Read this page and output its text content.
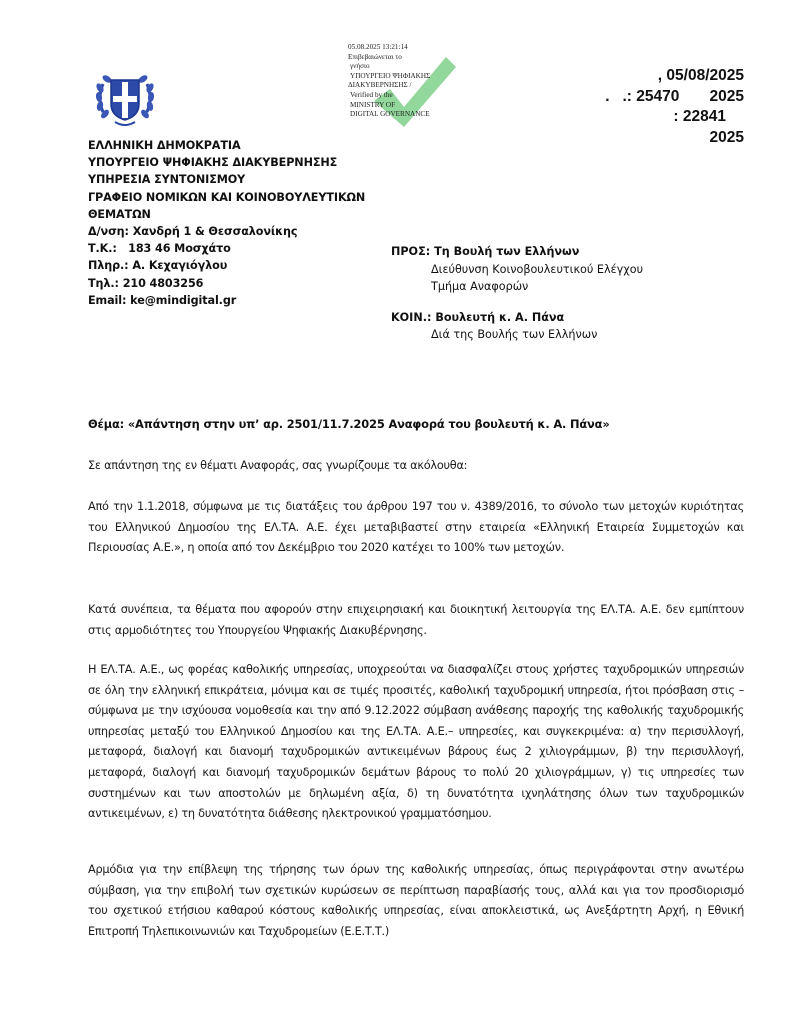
05.08.2025 13:21:14
Επιβεβαιώνεται το
γνήσιο
ΥΠΟΥΡΓΕΙΟ ΨΗΦΙΑΚΗΣ
ΔΙΑΚΥΒΕΡΝΗΣΗΣ /
Verified by the
MINISTRY OF
DIGITAL GOVERNANCE
, 05/08/2025
.   .: 25470       2025
: 22841
2025
ΕΛΛΗΝΙΚΗ ΔΗΜΟΚΡΑΤΙΑ
ΥΠΟΥΡΓΕΙΟ ΨΗΦΙΑΚΗΣ ΔΙΑΚΥΒΕΡΝΗΣΗΣ
ΥΠΗΡΕΣΙΑ ΣΥΝΤΟΝΙΣΜΟΥ
ΓΡΑΦΕΙΟ ΝΟΜΙΚΩΝ ΚΑΙ ΚΟΙΝΟΒΟΥΛΕΥΤΙΚΩΝ
ΘΕΜΑΤΩΝ
Δ/νση: Χανδρή 1 & Θεσσαλονίκης
Τ.Κ.:   183 46 Μοσχάτο
Πληρ.: Α. Κεχαγιόγλου
Τηλ.: 210 4803256
Email: ke@mindigital.gr
ΠΡΟΣ: Τη Βουλή των Ελλήνων
Διεύθυνση Κοινοβουλευτικού Ελέγχου
Τμήμα Αναφορών
ΚΟΙΝ.: Βουλευτή κ. Α. Πάνα
Διά της Βουλής των Ελλήνων
Θέμα: «Απάντηση στην υπ’ αρ. 2501/11.7.2025 Αναφορά του βουλευτή κ. Α. Πάνα»
Σε απάντηση της εν θέματι Αναφοράς, σας γνωρίζουμε τα ακόλουθα:
Από την 1.1.2018, σύμφωνα με τις διατάξεις του άρθρου 197 του ν. 4389/2016, το σύνολο των μετοχών κυριότητας του Ελληνικού Δημοσίου της ΕΛ.ΤΑ. Α.Ε. έχει μεταβιβαστεί στην εταιρεία «Ελληνική Εταιρεία Συμμετοχών και Περιουσίας Α.Ε.», η οποία από τον Δεκέμβριο του 2020 κατέχει το 100% των μετοχών.
Κατά συνέπεια, τα θέματα που αφορούν στην επιχειρησιακή και διοικητική λειτουργία της ΕΛ.ΤΑ. Α.Ε. δεν εμπίπτουν στις αρμοδιότητες του Υπουργείου Ψηφιακής Διακυβέρνησης.
Η ΕΛ.ΤΑ. Α.Ε., ως φορέας καθολικής υπηρεσίας, υποχρεούται να διασφαλίζει στους χρήστες ταχυδρομικών υπηρεσιών σε όλη την ελληνική επικράτεια, μόνιμα και σε τιμές προσιτές, καθολική ταχυδρομική υπηρεσία, ήτοι πρόσβαση στις –σύμφωνα με την ισχύουσα νομοθεσία και την από 9.12.2022 σύμβαση ανάθεσης παροχής της καθολικής ταχυδρομικής υπηρεσίας μεταξύ του Ελληνικού Δημοσίου και της ΕΛ.ΤΑ. Α.Ε.– υπηρεσίες, και συγκεκριμένα: α) την περισυλλογή, μεταφορά, διαλογή και διανομή ταχυδρομικών αντικειμένων βάρους έως 2 χιλιογράμμων, β) την περισυλλογή, μεταφορά, διαλογή και διανομή ταχυδρομικών δεμάτων βάρους το πολύ 20 χιλιογράμμων, γ) τις υπηρεσίες των συστημένων και των αποστολών με δηλωμένη αξία, δ) τη δυνατότητα ιχνηλάτησης όλων των ταχυδρομικών αντικειμένων, ε) τη δυνατότητα διάθεσης ηλεκτρονικού γραμματόσημου.
Αρμόδια για την επίβλεψη της τήρησης των όρων της καθολικής υπηρεσίας, όπως περιγράφονται στην ανωτέρω σύμβαση, για την επιβολή των σχετικών κυρώσεων σε περίπτωση παραβίασής τους, αλλά και για τον προσδιορισμό του σχετικού ετήσιου καθαρού κόστους καθολικής υπηρεσίας, είναι αποκλειστικά, ως Ανεξάρτητη Αρχή, η Εθνική Επιτροπή Τηλεπικοινωνιών και Ταχυδρομείων (Ε.Ε.Τ.Τ.)
